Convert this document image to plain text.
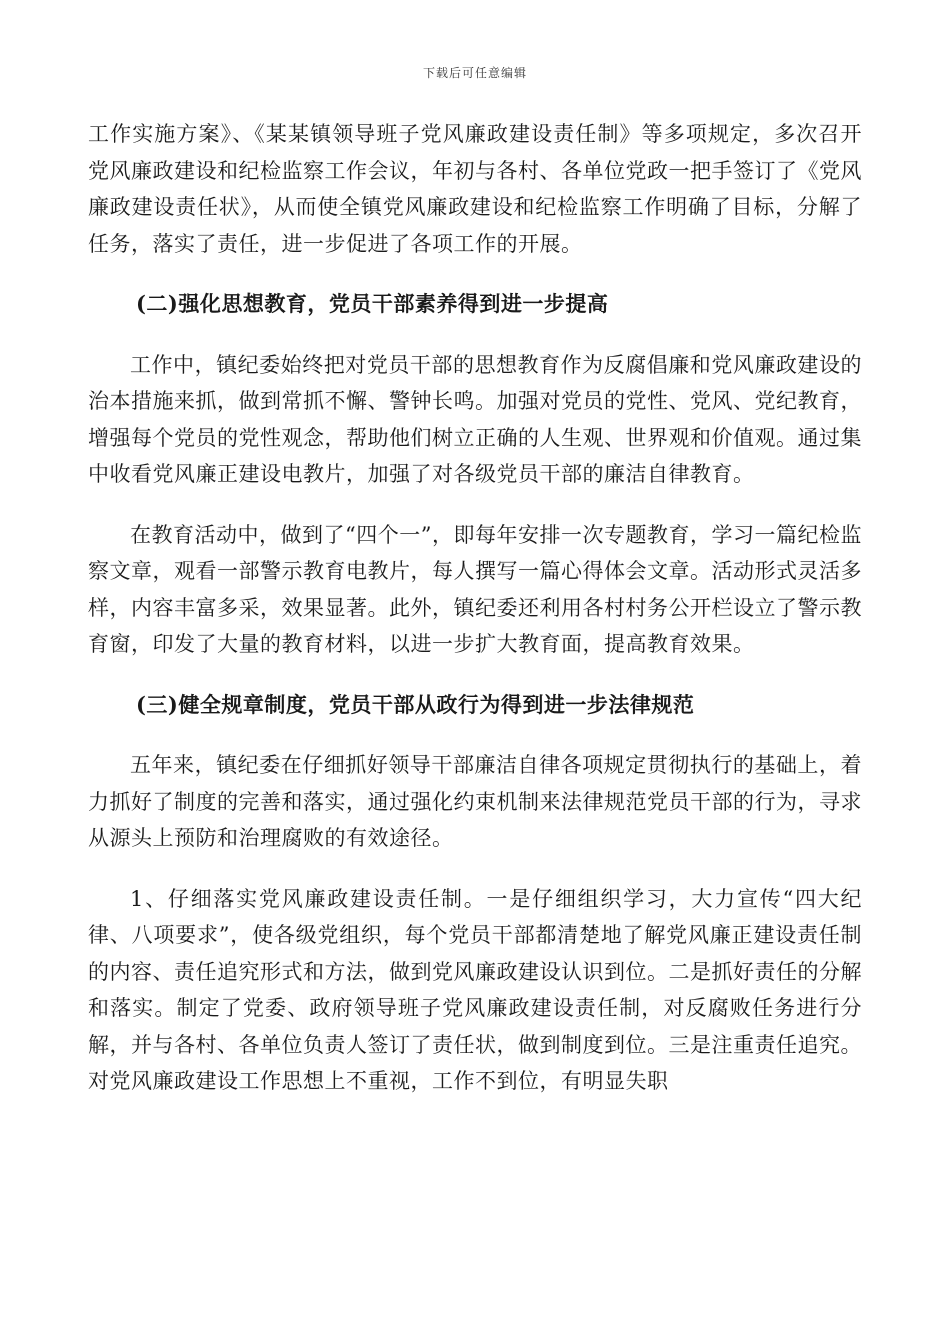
下载后可任意编辑

工作实施方案》、《某某镇领导班子党风廉政建设责任制》等多项规定，多次召开党风廉政建设和纪检监察工作会议，年初与各村、各单位党政一把手签订了《党风廉政建设责任状》，从而使全镇党风廉政建设和纪检监察工作明确了目标，分解了任务，落实了责任，进一步促进了各项工作的开展。

(二)强化思想教育，党员干部素养得到进一步提高

工作中，镇纪委始终把对党员干部的思想教育作为反腐倡廉和党风廉政建设的治本措施来抓，做到常抓不懈、警钟长鸣。加强对党员的党性、党风、党纪教育，增强每个党员的党性观念，帮助他们树立正确的人生观、世界观和价值观。通过集中收看党风廉正建设电教片，加强了对各级党员干部的廉洁自律教育。

在教育活动中，做到了“四个一”，即每年安排一次专题教育，学习一篇纪检监察文章，观看一部警示教育电教片，每人撰写一篇心得体会文章。活动形式灵活多样，内容丰富多采，效果显著。此外，镇纪委还利用各村村务公开栏设立了警示教育窗，印发了大量的教育材料，以进一步扩大教育面，提高教育效果。

(三)健全规章制度，党员干部从政行为得到进一步法律规范

五年来，镇纪委在仔细抓好领导干部廉洁自律各项规定贯彻执行的基础上，着力抓好了制度的完善和落实，通过强化约束机制来法律规范党员干部的行为，寻求从源头上预防和治理腐败的有效途径。

1、仔细落实党风廉政建设责任制。一是仔细组织学习，大力宣传“四大纪律、八项要求”，使各级党组织，每个党员干部都清楚地了解党风廉正建设责任制的内容、责任追究形式和方法，做到党风廉政建设认识到位。二是抓好责任的分解和落实。制定了党委、政府领导班子党风廉政建设责任制，对反腐败任务进行分解，并与各村、各单位负责人签订了责任状，做到制度到位。三是注重责任追究。对党风廉政建设工作思想上不重视，工作不到位，有明显失职
